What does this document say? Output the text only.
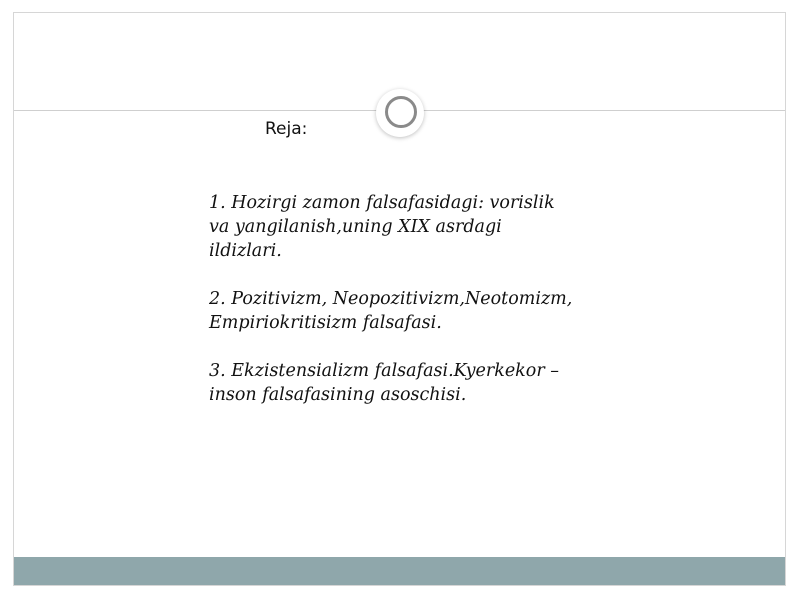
Reja:
1. Hozirgi zamon falsafasidagi: vorislik
va yangilanish,uning XIX asrdagi
ildizlari.
2. Pozitivizm, Neopozitivizm,Neotomizm,
Empiriokritisizm falsafasi.
3. Ekzistensializm falsafasi.Kyerkekor –
inson falsafasining asoschisi.
